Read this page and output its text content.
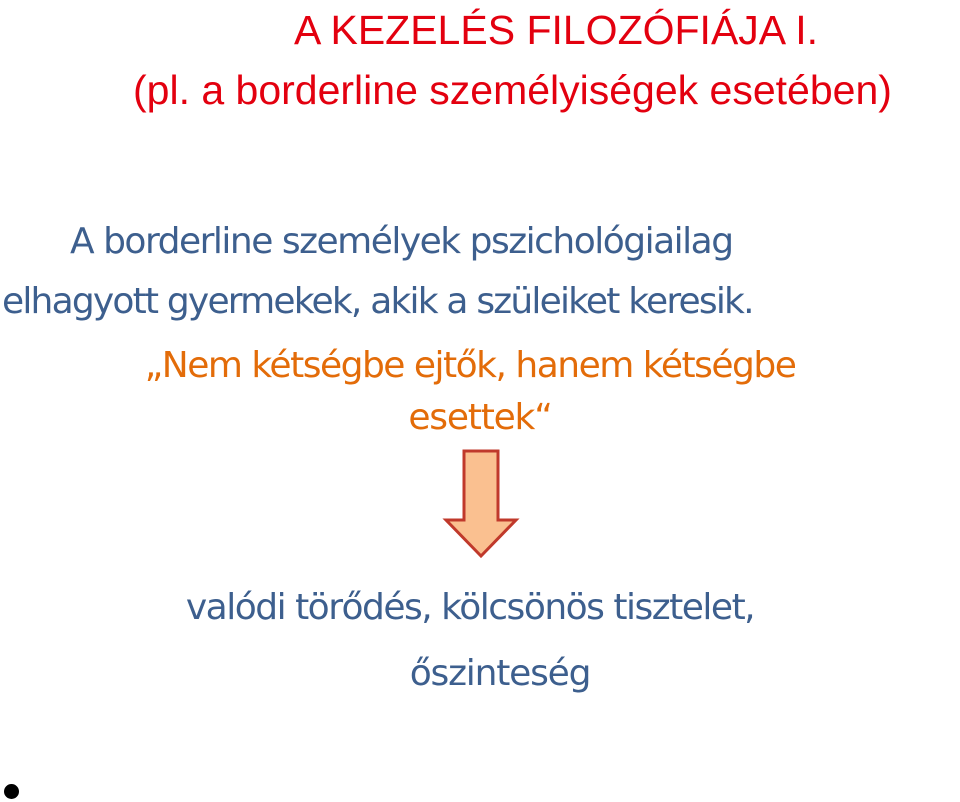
A KEZELÉS FILOZÓFIÁJA I.
(pl. a borderline személyiségek esetében)
A borderline személyek pszichológiailag
elhagyott gyermekek, akik a szüleiket keresik.
„Nem kétségbe ejtők, hanem kétségbe
esettek“
valódi törődés, kölcsönös tisztelet,
őszinteség
